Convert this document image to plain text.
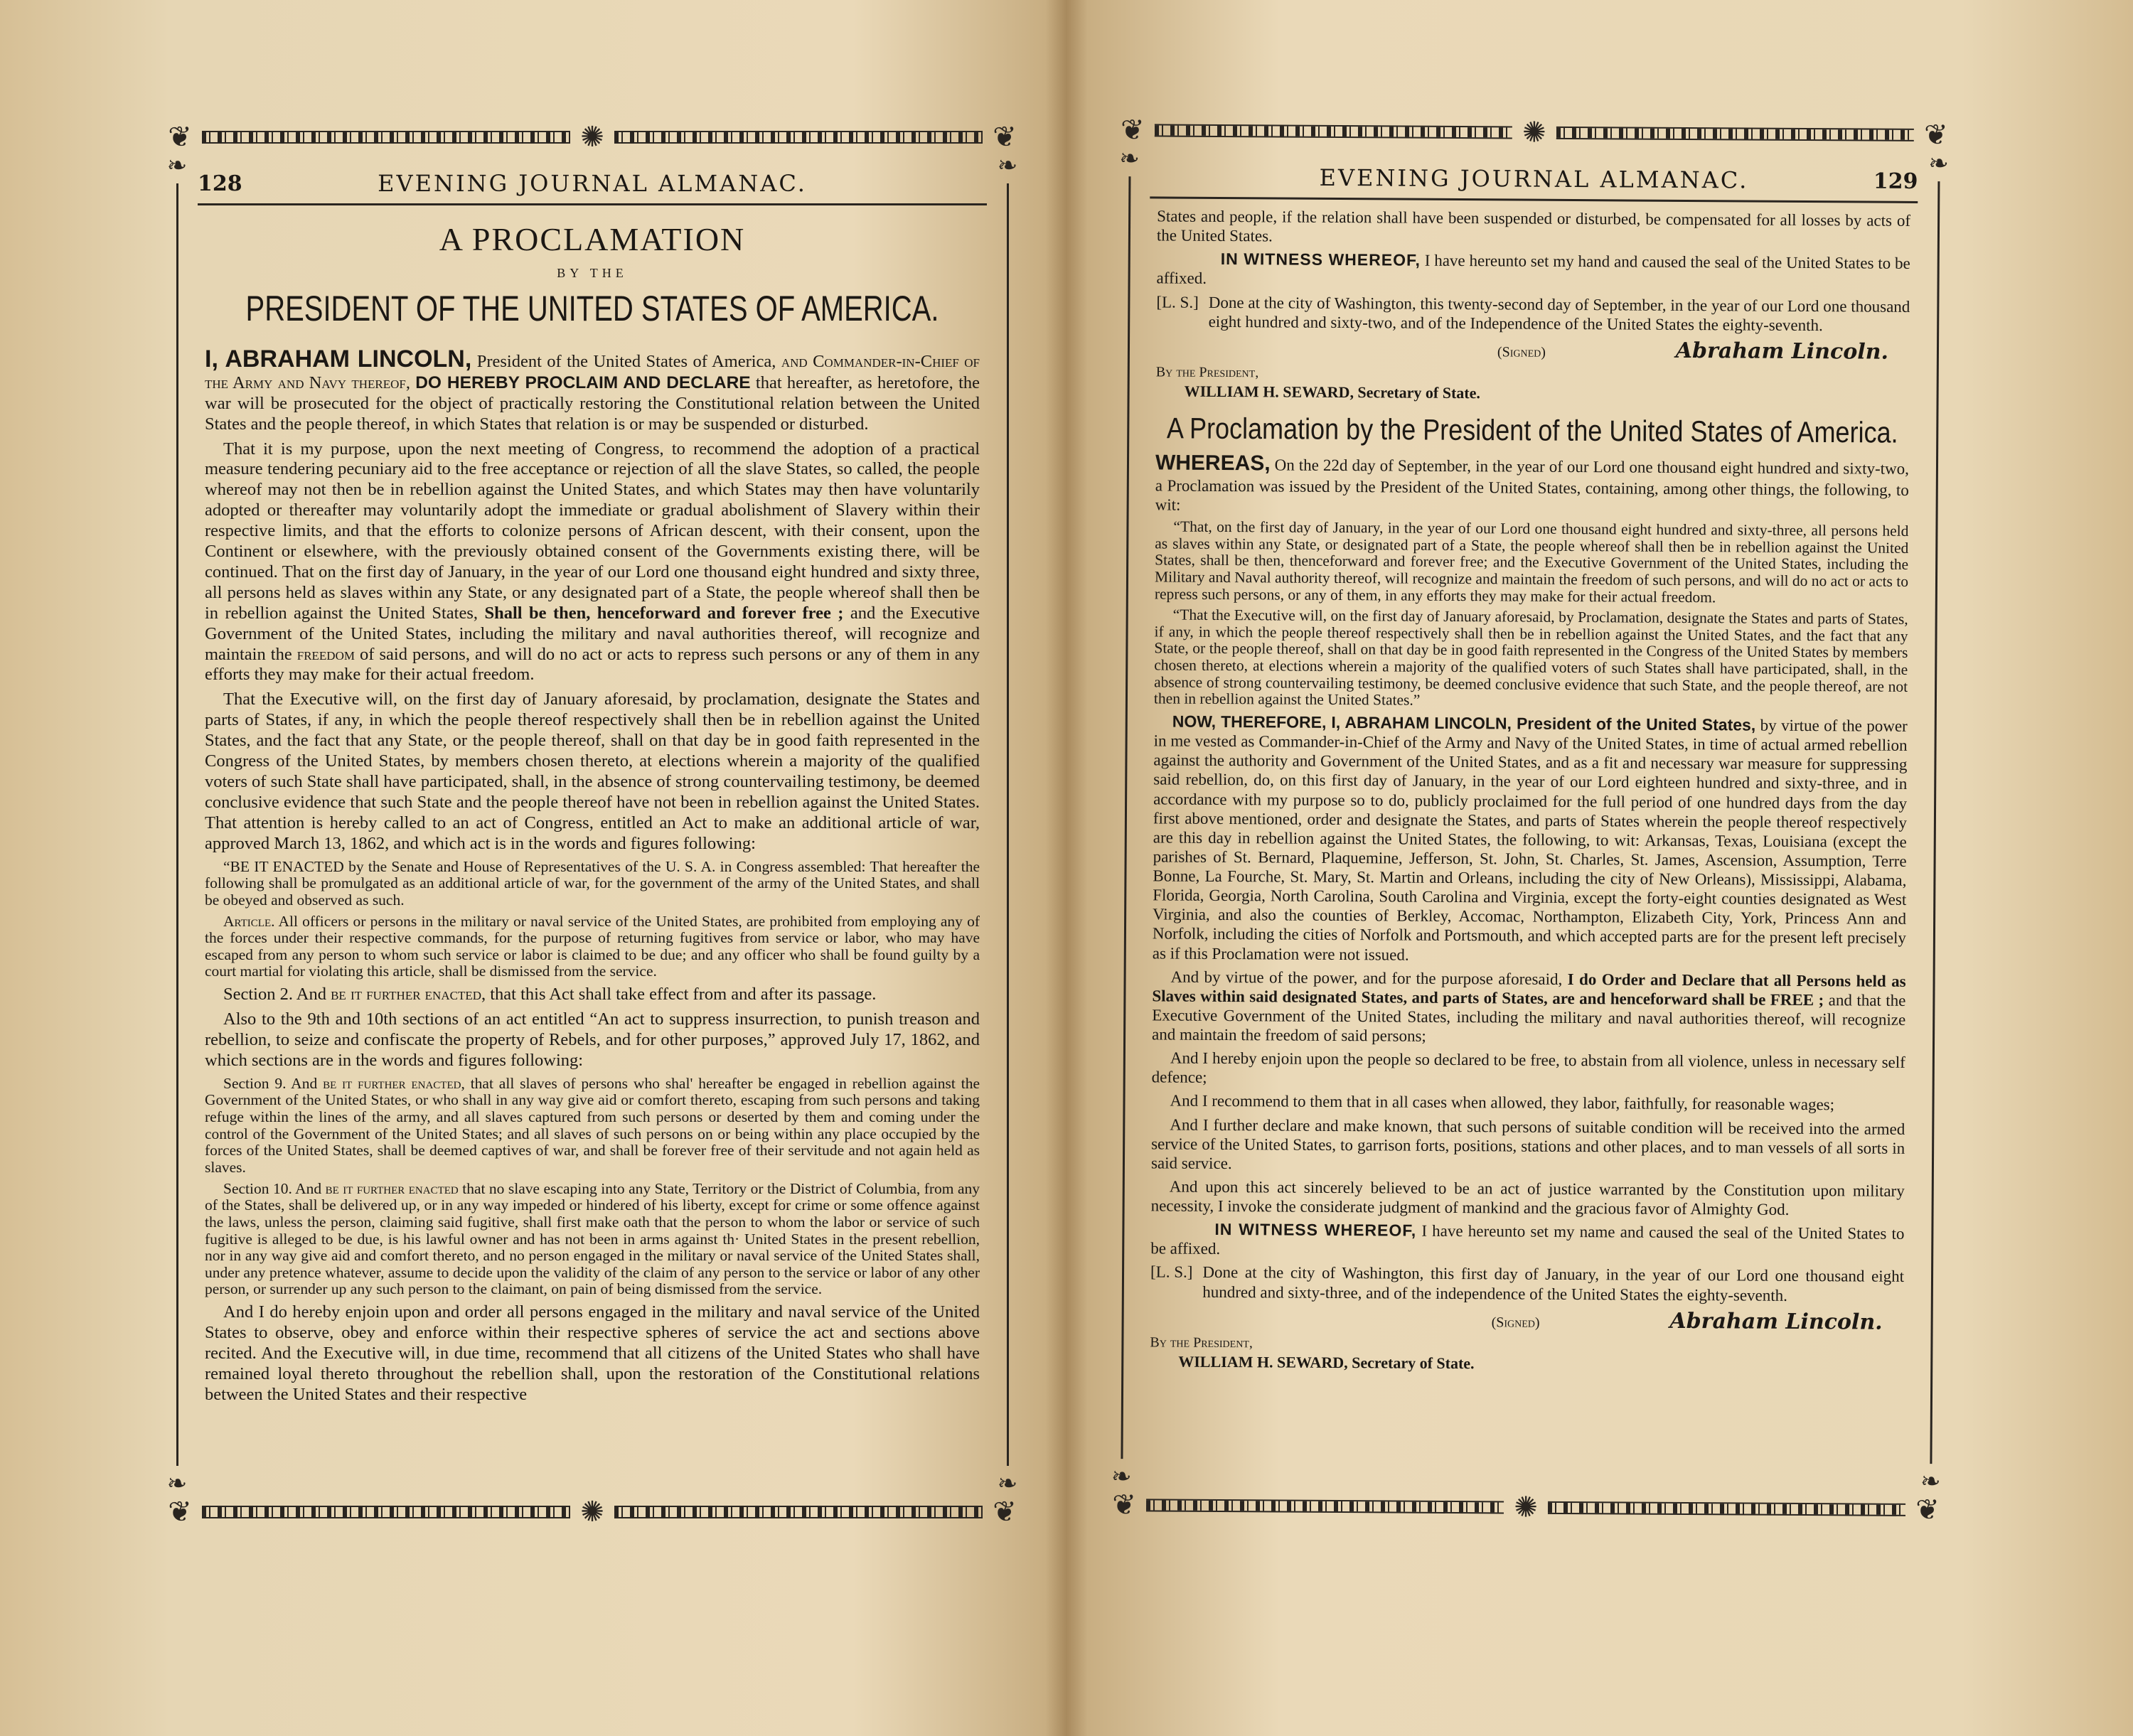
❦	✺	❦
❧
❧
❧
❧
128	EVENING JOURNAL ALMANAC.
A PROCLAMATION
BY THE
PRESIDENT OF THE UNITED STATES OF AMERICA.

I, ABRAHAM LINCOLN, President of the United States of America, and Commander-in-Chief of the Army and Navy thereof, DO HEREBY PROCLAIM AND DECLARE that hereafter, as heretofore, the war will be prosecuted for the object of practically restoring the Constitutional relation between the United States and the people thereof, in which States that relation is or may be suspended or disturbed.

That it is my purpose, upon the next meeting of Congress, to recommend the adoption of a practical measure tendering pecuniary aid to the free acceptance or rejection of all the slave States, so called, the people whereof may not then be in rebellion against the United States, and which States may then have voluntarily adopted or thereafter may voluntarily adopt the immediate or gradual abolishment of Slavery within their respective limits, and that the efforts to colonize persons of African descent, with their consent, upon the Continent or elsewhere, with the previously obtained consent of the Governments existing there, will be continued. That on the first day of January, in the year of our Lord one thousand eight hundred and sixty three, all persons held as slaves within any State, or any designated part of a State, the people whereof shall then be in rebellion against the United States, Shall be then, henceforward and forever free ; and the Executive Government of the United States, including the military and naval authorities thereof, will recognize and maintain the freedom of said persons, and will do no act or acts to repress such persons or any of them in any efforts they may make for their actual freedom.

That the Executive will, on the first day of January aforesaid, by proclamation, designate the States and parts of States, if any, in which the people thereof respectively shall then be in rebellion against the United States, and the fact that any State, or the people thereof, shall on that day be in good faith represented in the Congress of the United States, by members chosen thereto, at elections wherein a majority of the qualified voters of such State shall have participated, shall, in the absence of strong countervailing testimony, be deemed conclusive evidence that such State and the people thereof have not been in rebellion against the United States. That attention is hereby called to an act of Congress, entitled an Act to make an additional article of war, approved March 13, 1862, and which act is in the words and figures following:

“BE IT ENACTED by the Senate and House of Representatives of the U. S. A. in Congress assembled: That hereafter the following shall be promulgated as an additional article of war, for the government of the army of the United States, and shall be obeyed and observed as such.

Article. All officers or persons in the military or naval service of the United States, are prohibited from employing any of the forces under their respective commands, for the purpose of returning fugitives from service or labor, who may have escaped from any person to whom such service or labor is claimed to be due; and any officer who shall be found guilty by a court martial for violating this article, shall be dismissed from the service.

Section 2. And be it further enacted, that this Act shall take effect from and after its passage.

Also to the 9th and 10th sections of an act entitled “An act to suppress insurrection, to punish treason and rebellion, to seize and confiscate the property of Rebels, and for other purposes,” approved July 17, 1862, and which sections are in the words and figures following:

Section 9. And be it further enacted, that all slaves of persons who shal' hereafter be engaged in rebellion against the Government of the United States, or who shall in any way give aid or comfort thereto, escaping from such persons and taking refuge within the lines of the army, and all slaves captured from such persons or deserted by them and coming under the control of the Government of the United States; and all slaves of such persons on or being within any place occupied by the forces of the United States, shall be deemed captives of war, and shall be forever free of their servitude and not again held as slaves.

Section 10. And be it further enacted that no slave escaping into any State, Territory or the District of Columbia, from any of the States, shall be delivered up, or in any way impeded or hindered of his liberty, except for crime or some offence against the laws, unless the person, claiming said fugitive, shall first make oath that the person to whom the labor or service of such fugitive is alleged to be due, is his lawful owner and has not been in arms against th· United States in the present rebellion, nor in any way give aid and comfort thereto, and no person engaged in the military or naval service of the United States shall, under any pretence whatever, assume to decide upon the validity of the claim of any person to the service or labor of any other person, or surrender up any such person to the claimant, on pain of being dismissed from the service.

And I do hereby enjoin upon and order all persons engaged in the military and naval service of the United States to observe, obey and enforce within their respective spheres of service the act and sections above recited. And the Executive will, in due time, recommend that all citizens of the United States who shall have remained loyal thereto throughout the rebellion shall, upon the restoration of the Constitutional relations between the United States and their respective

❦	✺	❦
❦	✺	❦
❧
❧
❧
❧
EVENING JOURNAL ALMANAC.	129

States and people, if the relation shall have been suspended or disturbed, be compensated for all losses by acts of the United States.

IN WITNESS WHEREOF, I have hereunto set my hand and caused the seal of the United States to be affixed.

[L. S.] Done at the city of Washington, this twenty-second day of September, in the year of our Lord one thousand eight hundred and sixty-two, and of the Independence of the United States the eighty-seventh.
(Signed)	Abraham Lincoln.
By the President,
WILLIAM H. SEWARD, Secretary of State.
A Proclamation by the President of the United States of America.

WHEREAS, On the 22d day of September, in the year of our Lord one thousand eight hundred and sixty-two, a Proclamation was issued by the President of the United States, containing, among other things, the following, to wit:

“That, on the first day of January, in the year of our Lord one thousand eight hundred and sixty-three, all persons held as slaves within any State, or designated part of a State, the people whereof shall then be in rebellion against the United States, shall be then, thenceforward and forever free; and the Executive Government of the United States, including the Military and Naval authority thereof, will recognize and maintain the freedom of such persons, and will do no act or acts to repress such persons, or any of them, in any efforts they may make for their actual freedom.

“That the Executive will, on the first day of January aforesaid, by Proclamation, designate the States and parts of States, if any, in which the people thereof respectively shall then be in rebellion against the United States, and the fact that any State, or the people thereof, shall on that day be in good faith represented in the Congress of the United States by members chosen thereto, at elections wherein a majority of the qualified voters of such States shall have participated, shall, in the absence of strong countervailing testimony, be deemed conclusive evidence that such State, and the people thereof, are not then in rebellion against the United States.”

NOW, THEREFORE, I, ABRAHAM LINCOLN, President of the United States, by virtue of the power in me vested as Commander-in-Chief of the Army and Navy of the United States, in time of actual armed rebellion against the authority and Government of the United States, and as a fit and necessary war measure for suppressing said rebellion, do, on this first day of January, in the year of our Lord eighteen hundred and sixty-three, and in accordance with my purpose so to do, publicly proclaimed for the full period of one hundred days from the day first above mentioned, order and designate the States, and parts of States wherein the people thereof respectively are this day in rebellion against the United States, the following, to wit: Arkansas, Texas, Louisiana (except the parishes of St. Bernard, Plaquemine, Jefferson, St. John, St. Charles, St. James, Ascension, Assumption, Terre Bonne, La Fourche, St. Mary, St. Martin and Orleans, including the city of New Orleans), Mississippi, Alabama, Florida, Georgia, North Carolina, South Carolina and Virginia, except the forty-eight counties designated as West Virginia, and also the counties of Berkley, Accomac, Northampton, Elizabeth City, York, Princess Ann and Norfolk, including the cities of Norfolk and Portsmouth, and which accepted parts are for the present left precisely as if this Proclamation were not issued.

And by virtue of the power, and for the purpose aforesaid, I do Order and Declare that all Persons held as Slaves within said designated States, and parts of States, are and henceforward shall be FREE ; and that the Executive Government of the United States, including the military and naval authorities thereof, will recognize and maintain the freedom of said persons;

And I hereby enjoin upon the people so declared to be free, to abstain from all violence, unless in necessary self defence;

And I recommend to them that in all cases when allowed, they labor, faithfully, for reasonable wages;

And I further declare and make known, that such persons of suitable condition will be received into the armed service of the United States, to garrison forts, positions, stations and other places, and to man vessels of all sorts in said service.

And upon this act sincerely believed to be an act of justice warranted by the Constitution upon military necessity, I invoke the considerate judgment of mankind and the gracious favor of Almighty God.

IN WITNESS WHEREOF, I have hereunto set my name and caused the seal of the United States to be affixed.

[L. S.] Done at the city of Washington, this first day of January, in the year of our Lord one thousand eight hundred and sixty-three, and of the independence of the United States the eighty-seventh.
(Signed)	Abraham Lincoln.
By the President,
WILLIAM H. SEWARD, Secretary of State.
❦	✺	❦
